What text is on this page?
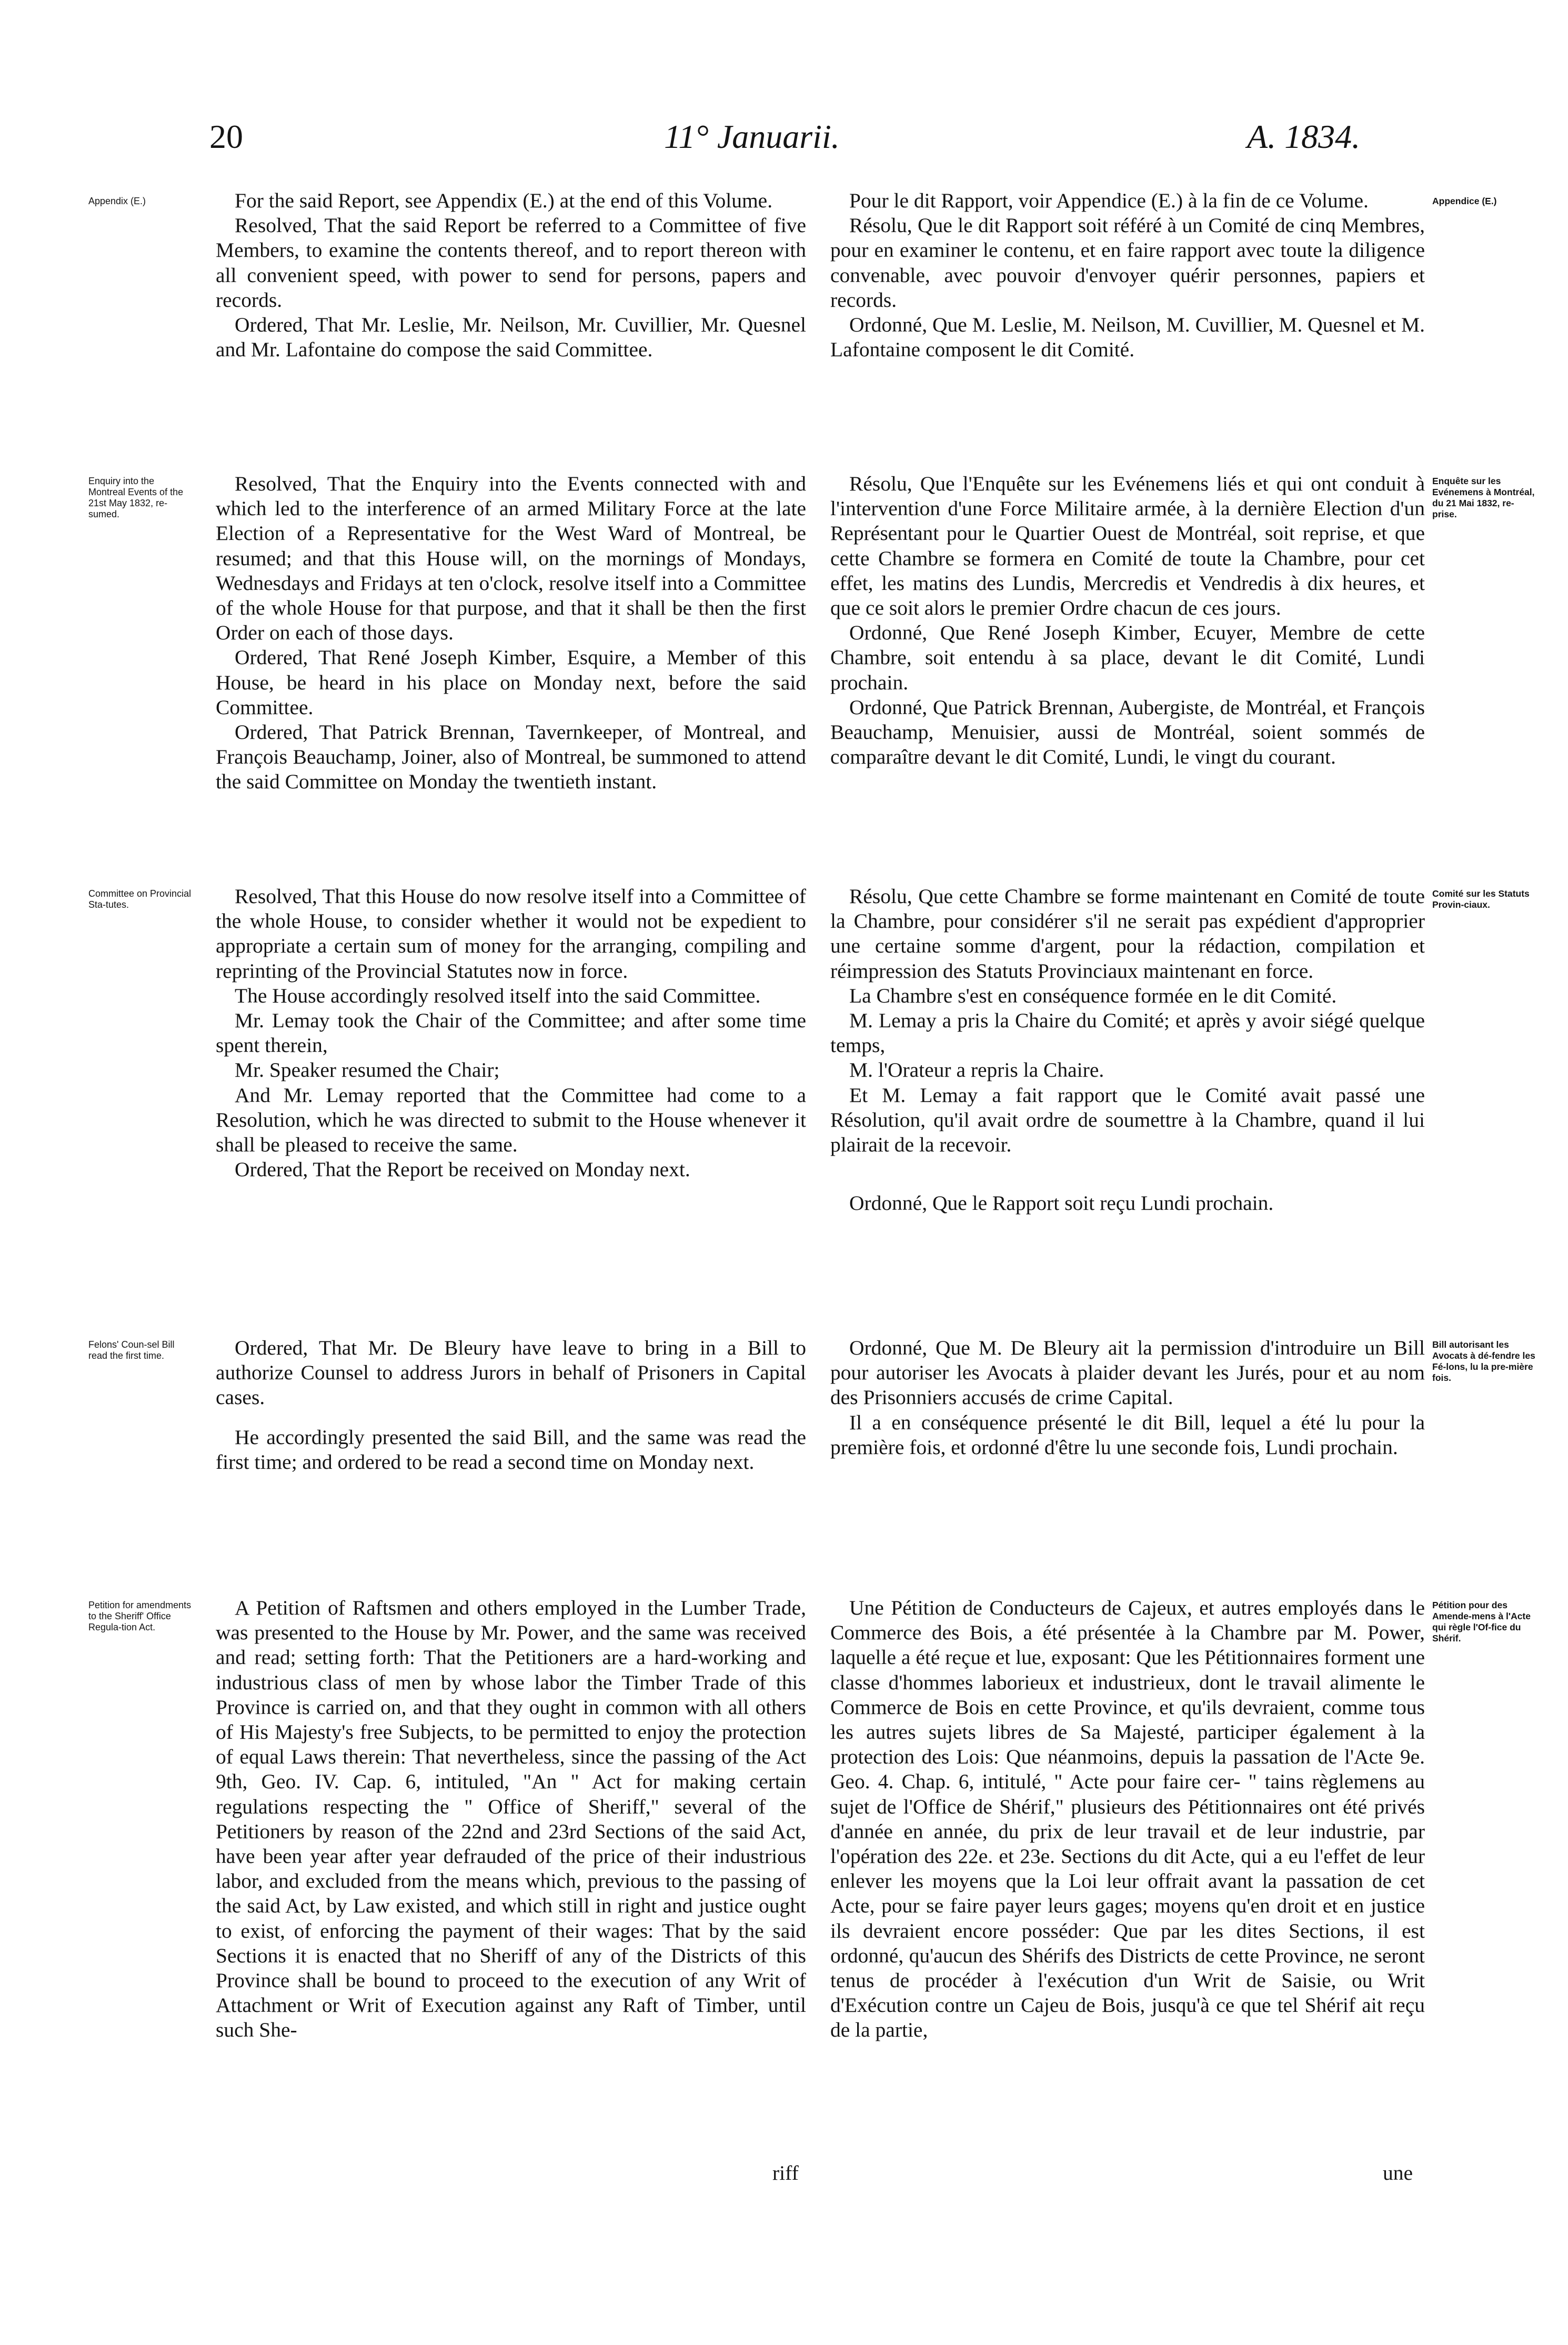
20	11° Januarii.	A. 1834.
Appendix (E.)
Enquiry into the Montreal Events of the 21st May 1832, re-sumed.
Committee on Provincial Sta-tutes.
Felons' Coun-sel Bill read the first time.
Petition for amendments to the Sheriff' Office Regula-tion Act.
Appendice (E.)
Enquête sur les Evénemens à Montréal, du 21 Mai 1832, re-prise.
Comité sur les Statuts Provin-ciaux.
Bill autorisant les Avocats à dé-fendre les Fé-lons, lu la pre-mière fois.
Pétition pour des Amende-mens à l'Acte qui règle l'Of-fice du Shérif.

For the said Report, see Appendix (E.) at the end of this Volume.

Resolved, That the said Report be referred to a Committee of five Members, to examine the contents thereof, and to report thereon with all convenient speed, with power to send for persons, papers and records.

Ordered, That Mr. Leslie, Mr. Neilson, Mr. Cuvillier, Mr. Quesnel and Mr. Lafontaine do compose the said Committee.

Resolved, That the Enquiry into the Events connected with and which led to the interference of an armed Military Force at the late Election of a Representative for the West Ward of Montreal, be resumed; and that this House will, on the mornings of Mondays, Wednesdays and Fridays at ten o'clock, resolve itself into a Committee of the whole House for that purpose, and that it shall be then the first Order on each of those days.

Ordered, That René Joseph Kimber, Esquire, a Member of this House, be heard in his place on Monday next, before the said Committee.

Ordered, That Patrick Brennan, Tavernkeeper, of Montreal, and François Beauchamp, Joiner, also of Montreal, be summoned to attend the said Committee on Monday the twentieth instant.

Resolved, That this House do now resolve itself into a Committee of the whole House, to consider whether it would not be expedient to appropriate a certain sum of money for the arranging, compiling and reprinting of the Provincial Statutes now in force.

The House accordingly resolved itself into the said Committee.

Mr. Lemay took the Chair of the Committee; and after some time spent therein,

Mr. Speaker resumed the Chair;

And Mr. Lemay reported that the Committee had come to a Resolution, which he was directed to submit to the House whenever it shall be pleased to receive the same.

Ordered, That the Report be received on Monday next.

Ordered, That Mr. De Bleury have leave to bring in a Bill to authorize Counsel to address Jurors in behalf of Prisoners in Capital cases.

He accordingly presented the said Bill, and the same was read the first time; and ordered to be read a second time on Monday next.

A Petition of Raftsmen and others employed in the Lumber Trade, was presented to the House by Mr. Power, and the same was received and read; setting forth: That the Petitioners are a hard-working and industrious class of men by whose labor the Timber Trade of this Province is carried on, and that they ought in common with all others of His Majesty's free Subjects, to be permitted to enjoy the protection of equal Laws therein: That nevertheless, since the passing of the Act 9th, Geo. IV. Cap. 6, intituled, "An " Act for making certain regulations respecting the " Office of Sheriff," several of the Petitioners by reason of the 22nd and 23rd Sections of the said Act, have been year after year defrauded of the price of their industrious labor, and excluded from the means which, previous to the passing of the said Act, by Law existed, and which still in right and justice ought to exist, of enforcing the payment of their wages: That by the said Sections it is enacted that no Sheriff of any of the Districts of this Province shall be bound to proceed to the execution of any Writ of Attachment or Writ of Execution against any Raft of Timber, until such She-

riff

Pour le dit Rapport, voir Appendice (E.) à la fin de ce Volume.

Résolu, Que le dit Rapport soit référé à un Comité de cinq Membres, pour en examiner le contenu, et en faire rapport avec toute la diligence convenable, avec pouvoir d'envoyer quérir personnes, papiers et records.

Ordonné, Que M. Leslie, M. Neilson, M. Cuvillier, M. Quesnel et M. Lafontaine composent le dit Comité.

Résolu, Que l'Enquête sur les Evénemens liés et qui ont conduit à l'intervention d'une Force Militaire armée, à la dernière Election d'un Représentant pour le Quartier Ouest de Montréal, soit reprise, et que cette Chambre se formera en Comité de toute la Chambre, pour cet effet, les matins des Lundis, Mercredis et Vendredis à dix heures, et que ce soit alors le premier Ordre chacun de ces jours.

Ordonné, Que René Joseph Kimber, Ecuyer, Membre de cette Chambre, soit entendu à sa place, devant le dit Comité, Lundi prochain.

Ordonné, Que Patrick Brennan, Aubergiste, de Montréal, et François Beauchamp, Menuisier, aussi de Montréal, soient sommés de comparaître devant le dit Comité, Lundi, le vingt du courant.

Résolu, Que cette Chambre se forme maintenant en Comité de toute la Chambre, pour considérer s'il ne serait pas expédient d'approprier une certaine somme d'argent, pour la rédaction, compilation et réimpression des Statuts Provinciaux maintenant en force.

La Chambre s'est en conséquence formée en le dit Comité.

M. Lemay a pris la Chaire du Comité; et après y avoir siégé quelque temps,

M. l'Orateur a repris la Chaire.

Et M. Lemay a fait rapport que le Comité avait passé une Résolution, qu'il avait ordre de soumettre à la Chambre, quand il lui plairait de la recevoir.

Ordonné, Que le Rapport soit reçu Lundi prochain.

Ordonné, Que M. De Bleury ait la permission d'introduire un Bill pour autoriser les Avocats à plaider devant les Jurés, pour et au nom des Prisonniers accusés de crime Capital.

Il a en conséquence présenté le dit Bill, lequel a été lu pour la première fois, et ordonné d'être lu une seconde fois, Lundi prochain.

Une Pétition de Conducteurs de Cajeux, et autres employés dans le Commerce des Bois, a été présentée à la Chambre par M. Power, laquelle a été reçue et lue, exposant: Que les Pétitionnaires forment une classe d'hommes laborieux et industrieux, dont le travail alimente le Commerce de Bois en cette Province, et qu'ils devraient, comme tous les autres sujets libres de Sa Majesté, participer également à la protection des Lois: Que néanmoins, depuis la passation de l'Acte 9e. Geo. 4. Chap. 6, intitulé, " Acte pour faire cer- " tains règlemens au sujet de l'Office de Shérif," plusieurs des Pétitionnaires ont été privés d'année en année, du prix de leur travail et de leur industrie, par l'opération des 22e. et 23e. Sections du dit Acte, qui a eu l'effet de leur enlever les moyens que la Loi leur offrait avant la passation de cet Acte, pour se faire payer leurs gages; moyens qu'en droit et en justice ils devraient encore posséder: Que par les dites Sections, il est ordonné, qu'aucun des Shérifs des Districts de cette Province, ne seront tenus de procéder à l'exécution d'un Writ de Saisie, ou Writ d'Exécution contre un Cajeu de Bois, jusqu'à ce que tel Shérif ait reçu de la partie,

une
